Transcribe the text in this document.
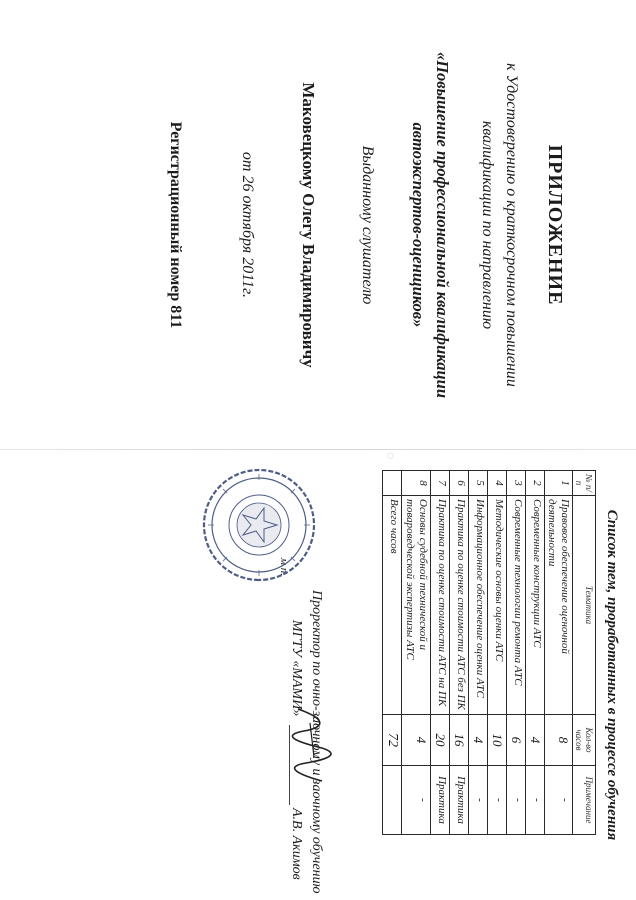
ПРИЛОЖЕНИЕ
к Удостоверению о краткосрочном повышении
квалификации по направлению
«Повышение профессиональной квалификации
автоэкспертов-оценщиков»
Выданному слушателю
Маковецкому Олегу Владимировичу
от 26 октября 2011г.
Регистрационный номер 811
◌
Список тем, проработанных в процессе обучения
№ п/п	Тематика	Кол-во часов	Примечание
1	Правовое обеспечение оценочной деятельности	8	-
2	Современные конструкции АТС	4	-
3	Современные технологии ремонта АТС	6	-
4	Методические основы оценки АТС	10	-
5	Информационное обеспечение оценки АТС	4	-
6	Практика по оценке стоимости АТС без ПК	16	Практика
7	Практика по оценке стоимости АТС на ПК	20	Практика
8	Основы судебной технической и товароведческой экспертизы АТС	4	-
	Всего часов	72	
Проректор по очно-заочному и заочному обучению
МГТУ «МАМИ»
А.В. Акимов
м.п.
